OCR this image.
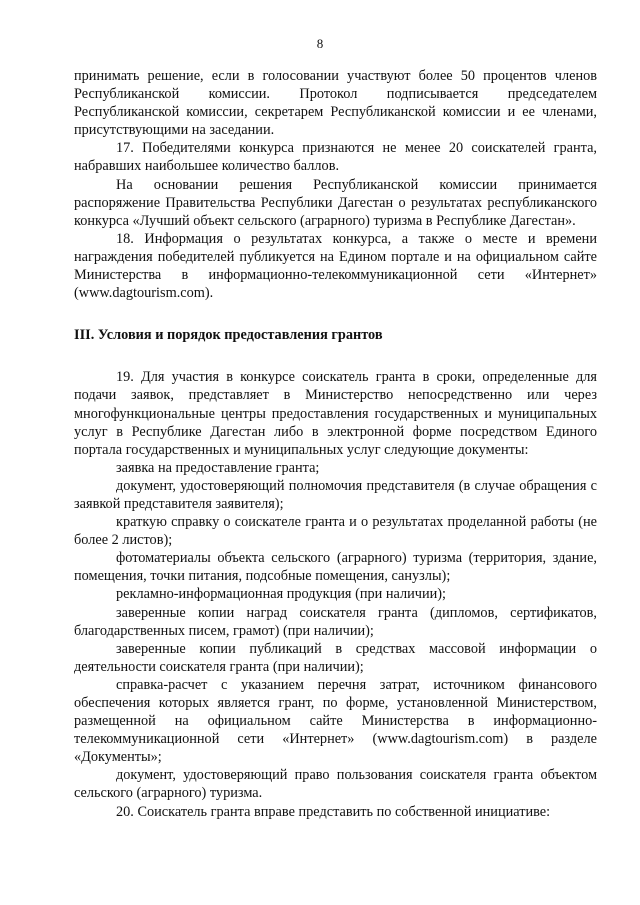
8

принимать решение, если в голосовании участвуют более 50 процентов членов Республиканской комиссии. Протокол подписывается председателем Республиканской комиссии, секретарем Республиканской комиссии и ее членами, присутствующими на заседании.

17. Победителями конкурса признаются не менее 20 соискателей гранта, набравших наибольшее количество баллов.

На основании решения Республиканской комиссии принимается распоряжение Правительства Республики Дагестан о результатах республиканского конкурса «Лучший объект сельского (аграрного) туризма в Республике Дагестан».

18. Информация о результатах конкурса, а также о месте и времени награждения победителей публикуется на Едином портале и на официальном сайте Министерства в информационно-телекоммуникационной сети «Интернет» (www.dagtourism.com).

III. Условия и порядок предоставления грантов

19. Для участия в конкурсе соискатель гранта в сроки, определенные для подачи заявок, представляет в Министерство непосредственно или через многофункциональные центры предоставления государственных и муниципальных услуг в Республике Дагестан либо в электронной форме посредством Единого портала государственных и муниципальных услуг следующие документы:

заявка на предоставление гранта;

документ, удостоверяющий полномочия представителя (в случае обращения с заявкой представителя заявителя);

краткую справку о соискателе гранта и о результатах проделанной работы (не более 2 листов);

фотоматериалы объекта сельского (аграрного) туризма (территория, здание, помещения, точки питания, подсобные помещения, санузлы);

рекламно-информационная продукция (при наличии);

заверенные копии наград соискателя гранта (дипломов, сертификатов, благодарственных писем, грамот) (при наличии);

заверенные копии публикаций в средствах массовой информации о деятельности соискателя гранта (при наличии);

справка-расчет с указанием перечня затрат, источником финансового обеспечения которых является грант, по форме, установленной Министерством, размещенной на официальном сайте Министерства в информационно-телекоммуникационной сети «Интернет» (www.dagtourism.com) в разделе «Документы»;

документ, удостоверяющий право пользования соискателя гранта объектом сельского (аграрного) туризма.

20. Соискатель гранта вправе представить по собственной инициативе:
